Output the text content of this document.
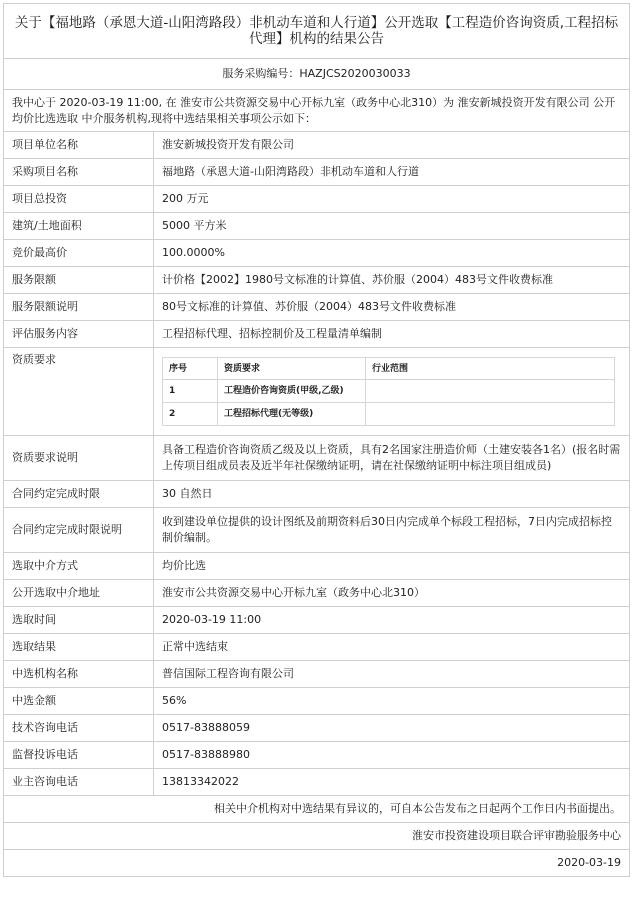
关于【福地路（承恩大道-山阳湾路段）非机动车道和人行道】公开选取【工程造价咨询资质,工程招标代理】机构的结果公告
服务采购编号：HAZJCS2020030033
我中心于 2020-03-19 11:00, 在 淮安市公共资源交易中心开标九室（政务中心北310）为 淮安新城投资开发有限公司 公开均价比选选取 中介服务机构,现将中选结果相关事项公示如下：
项目单位名称	淮安新城投资开发有限公司
采购项目名称	福地路（承恩大道-山阳湾路段）非机动车道和人行道
项目总投资	200 万元
建筑/土地面积	5000 平方米
竞价最高价	100.0000%
服务限额	计价格【2002】1980号文标准的计算值、苏价服（2004）483号文件收费标准
服务限额说明	80号文标准的计算值、苏价服（2004）483号文件收费标准
评估服务内容	工程招标代理、招标控制价及工程量清单编制
资质要求	
序号	资质要求	行业范围
1	工程造价咨询资质(甲级,乙级)	
2	工程招标代理(无等级)	

资质要求说明	具备工程造价咨询资质乙级及以上资质，具有2名国家注册造价师（土建安装各1名）(报名时需上传项目组成员表及近半年社保缴纳证明，请在社保缴纳证明中标注项目组成员)
合同约定完成时限	30 自然日
合同约定完成时限说明	收到建设单位提供的设计图纸及前期资料后30日内完成单个标段工程招标，7日内完成招标控制价编制。
选取中介方式	均价比选
公开选取中介地址	淮安市公共资源交易中心开标九室（政务中心北310）
选取时间	2020-03-19 11:00
选取结果	正常中选结束
中选机构名称	普信国际工程咨询有限公司
中选金额	56%
技术咨询电话	0517-83888059
监督投诉电话	0517-83888980
业主咨询电话	13813342022
相关中介机构对中选结果有异议的，可自本公告发布之日起两个工作日内书面提出。
淮安市投资建设项目联合评审勘验服务中心
2020-03-19
